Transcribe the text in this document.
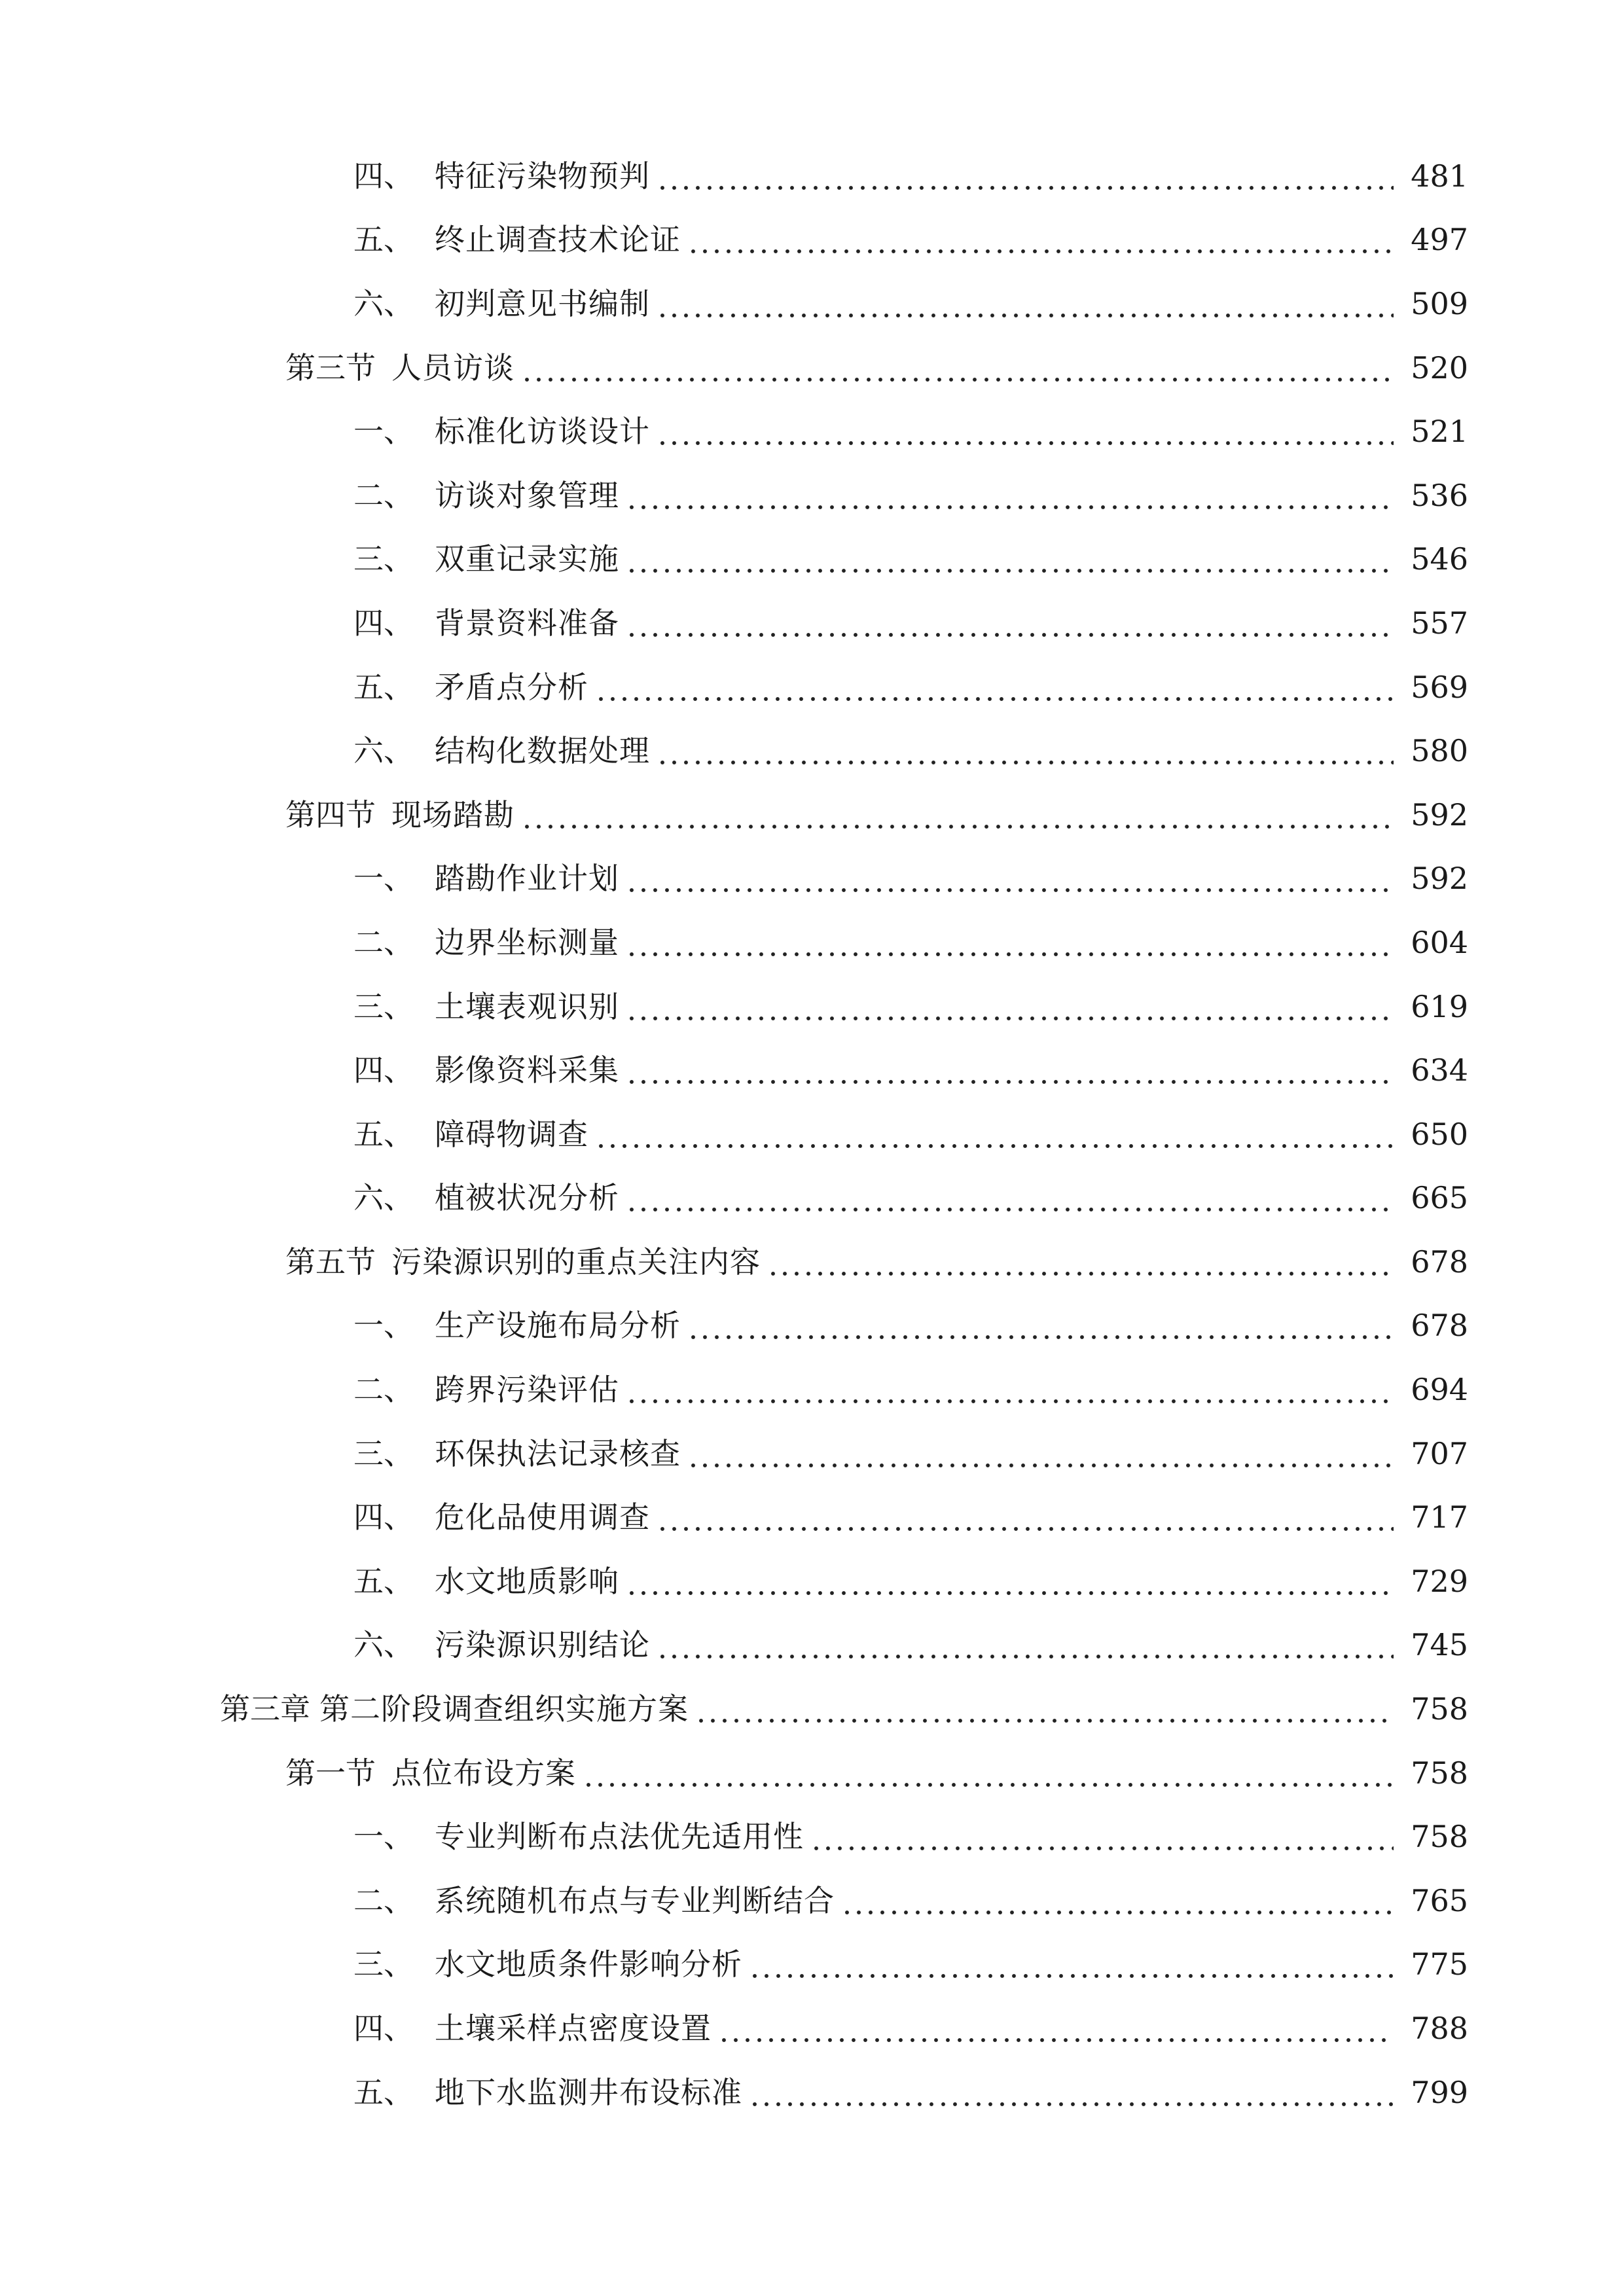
四、 特征污染物预判	481
五、 终止调查技术论证	497
六、 初判意见书编制	509
第三节 人员访谈	520
一、 标准化访谈设计	521
二、 访谈对象管理	536
三、 双重记录实施	546
四、 背景资料准备	557
五、 矛盾点分析	569
六、 结构化数据处理	580
第四节 现场踏勘	592
一、 踏勘作业计划	592
二、 边界坐标测量	604
三、 土壤表观识别	619
四、 影像资料采集	634
五、 障碍物调查	650
六、 植被状况分析	665
第五节 污染源识别的重点关注内容	678
一、 生产设施布局分析	678
二、 跨界污染评估	694
三、 环保执法记录核查	707
四、 危化品使用调查	717
五、 水文地质影响	729
六、 污染源识别结论	745
第三章 第二阶段调查组织实施方案	758
第一节 点位布设方案	758
一、 专业判断布点法优先适用性	758
二、 系统随机布点与专业判断结合	765
三、 水文地质条件影响分析	775
四、 土壤采样点密度设置	788
五、 地下水监测井布设标准	799
